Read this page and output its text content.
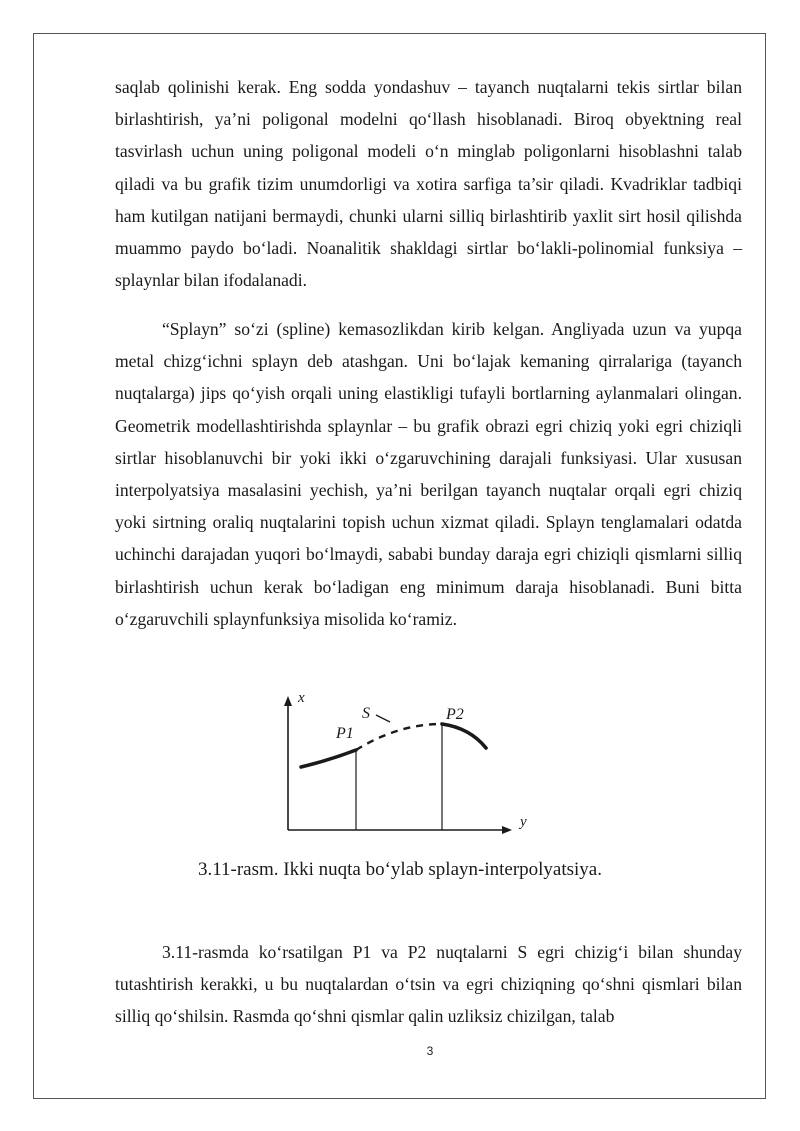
saqlab qolinishi kerak. Eng sodda yondashuv – tayanch nuqtalarni tekis sirtlar bilan birlashtirish, ya’ni poligonal modelni qo‘llash hisoblanadi. Biroq obyektning real tasvirlash uchun uning poligonal modeli o‘n minglab poligonlarni hisoblashni talab qiladi va bu grafik tizim unumdorligi va xotira sarfiga ta’sir qiladi. Kvadriklar tadbiqi ham kutilgan natijani bermaydi, chunki ularni silliq birlashtirib yaxlit sirt hosil qilishda muammo paydo bo‘ladi. Noanalitik shakldagi sirtlar bo‘lakli-polinomial funksiya – splaynlar bilan ifodalanadi.

“Splayn” so‘zi (spline) kemasozlikdan kirib kelgan. Angliyada uzun va yupqa metal chizg‘ichni splayn deb atashgan. Uni bo‘lajak kemaning qirralariga (tayanch nuqtalarga) jips qo‘yish orqali uning elastikligi tufayli bortlarning aylanmalari olingan. Geometrik modellashtirishda splaynlar – bu grafik obrazi egri chiziq yoki egri chiziqli sirtlar hisoblanuvchi bir yoki ikki o‘zgaruvchining darajali funksiyasi. Ular xususan interpolyatsiya masalasini yechish, ya’ni berilgan tayanch nuqtalar orqali egri chiziq yoki sirtning oraliq nuqtalarini topish uchun xizmat qiladi. Splayn tenglamalari odatda uchinchi darajadan yuqori bo‘lmaydi, sababi bunday daraja egri chiziqli qismlarni silliq birlashtirish uchun kerak bo‘ladigan eng minimum daraja hisoblanadi. Buni bitta o‘zgaruvchili splaynfunksiya misolida ko‘ramiz.

x
y
S
P1
P2
3.11-rasm. Ikki nuqta bo‘ylab splayn-interpolyatsiya.

3.11-rasmda ko‘rsatilgan P1 va P2 nuqtalarni S egri chizig‘i bilan shunday tutashtirish kerakki, u bu nuqtalardan o‘tsin va egri chiziqning qo‘shni qismlari bilan silliq qo‘shilsin. Rasmda qo‘shni qismlar qalin uzliksiz chizilgan, talab

3
